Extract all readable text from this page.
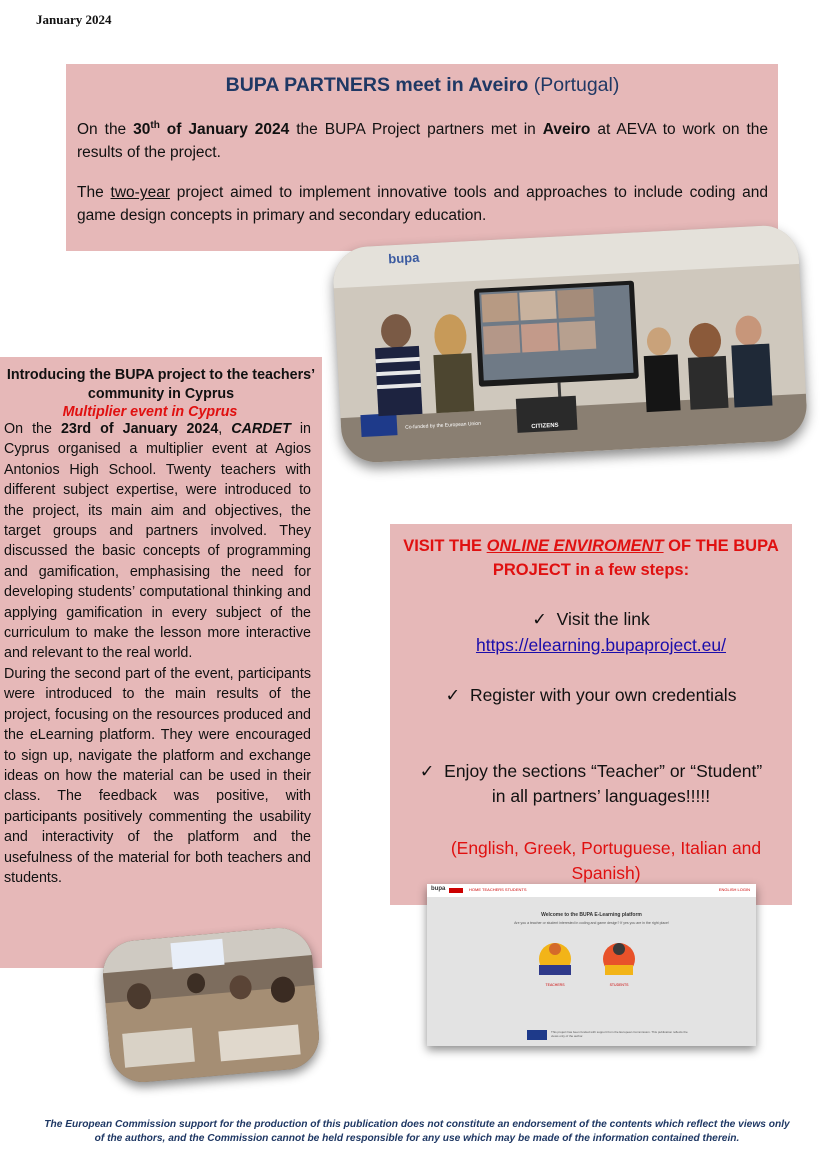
January 2024
BUPA PARTNERS meet in Aveiro (Portugal)

On the 30th of January 2024 the BUPA Project partners met in Aveiro at AEVA to work on the results of the project.

The two-year project aimed to implement innovative tools and approaches to include coding and game design concepts in primary and secondary education.

bupa
Co-funded by the European Union	CITIZENS
Introducing the BUPA project to the teachers’ community in Cyprus
Multiplier event in Cyprus

On the 23rd of January 2024, CARDET in Cyprus organised a multiplier event at Agios Antonios High School. Twenty teachers with different subject expertise, were introduced to the project, its main aim and objectives, the target groups and partners involved. They discussed the basic concepts of programming and gamification, emphasising the need for developing students’ computational thinking and applying gamification in every subject of the curriculum to make the lesson more interactive and relevant to the real world.

During the second part of the event, participants were introduced to the main results of the project, focusing on the resources produced and the eLearning platform. They were encouraged to sign up, navigate the platform and exchange ideas on how the material can be used in their class. The feedback was positive, with participants positively commenting the usability and interactivity of the platform and the usefulness of the material for both teachers and students.

VISIT THE ONLINE ENVIROMENT OF THE BUPA PROJECT in a few steps:
✓ Visit the link
https://elearning.bupaproject.eu/
✓ Register with your own credentials
✓ Enjoy the sections “Teacher” or “Student”
in all partners’ languages!!!!!
(English, Greek, Portuguese, Italian and Spanish)
bupa	HOME TEACHERS STUDENTS	ENGLISH LOGIN
Welcome to the BUPA E-Learning platform
Are you a teacher or student interested in coding and game design? If yes you are in the right place!
TEACHERS	STUDENTS
This project has been funded with support from the European Commission. This publication reflects the views only of the author.
The European Commission support for the production of this publication does not constitute an endorsement of the contents which reflect the views only
of the authors, and the Commission cannot be held responsible for any use which may be made of the information contained therein.
